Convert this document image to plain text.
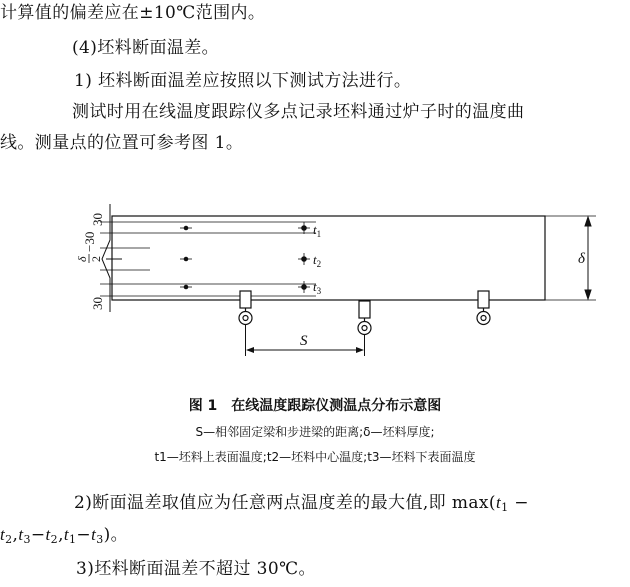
计算值的偏差应在±10℃范围内。
(4)坯料断面温差。
1) 坯料断面温差应按照以下测试方法进行。
测试时用在线温度跟踪仪多点记录坯料通过炉子时的温度曲
线。测量点的位置可参考图 1。
δ
30
30
δ 2
−30
$t_1$
$t_2$
$t_3$
S
图 1　在线温度跟踪仪测温点分布示意图
S—相邻固定梁和步进梁的距离;δ—坯料厚度;
t1—坯料上表面温度;t2—坯料中心温度;t3—坯料下表面温度
2)断面温差取值应为任意两点温度差的最大值,即 $\max(t_1$ −
$t_2,t_3-t_2,t_1-t_3$)。
3)坯料断面温差不超过 30℃。
